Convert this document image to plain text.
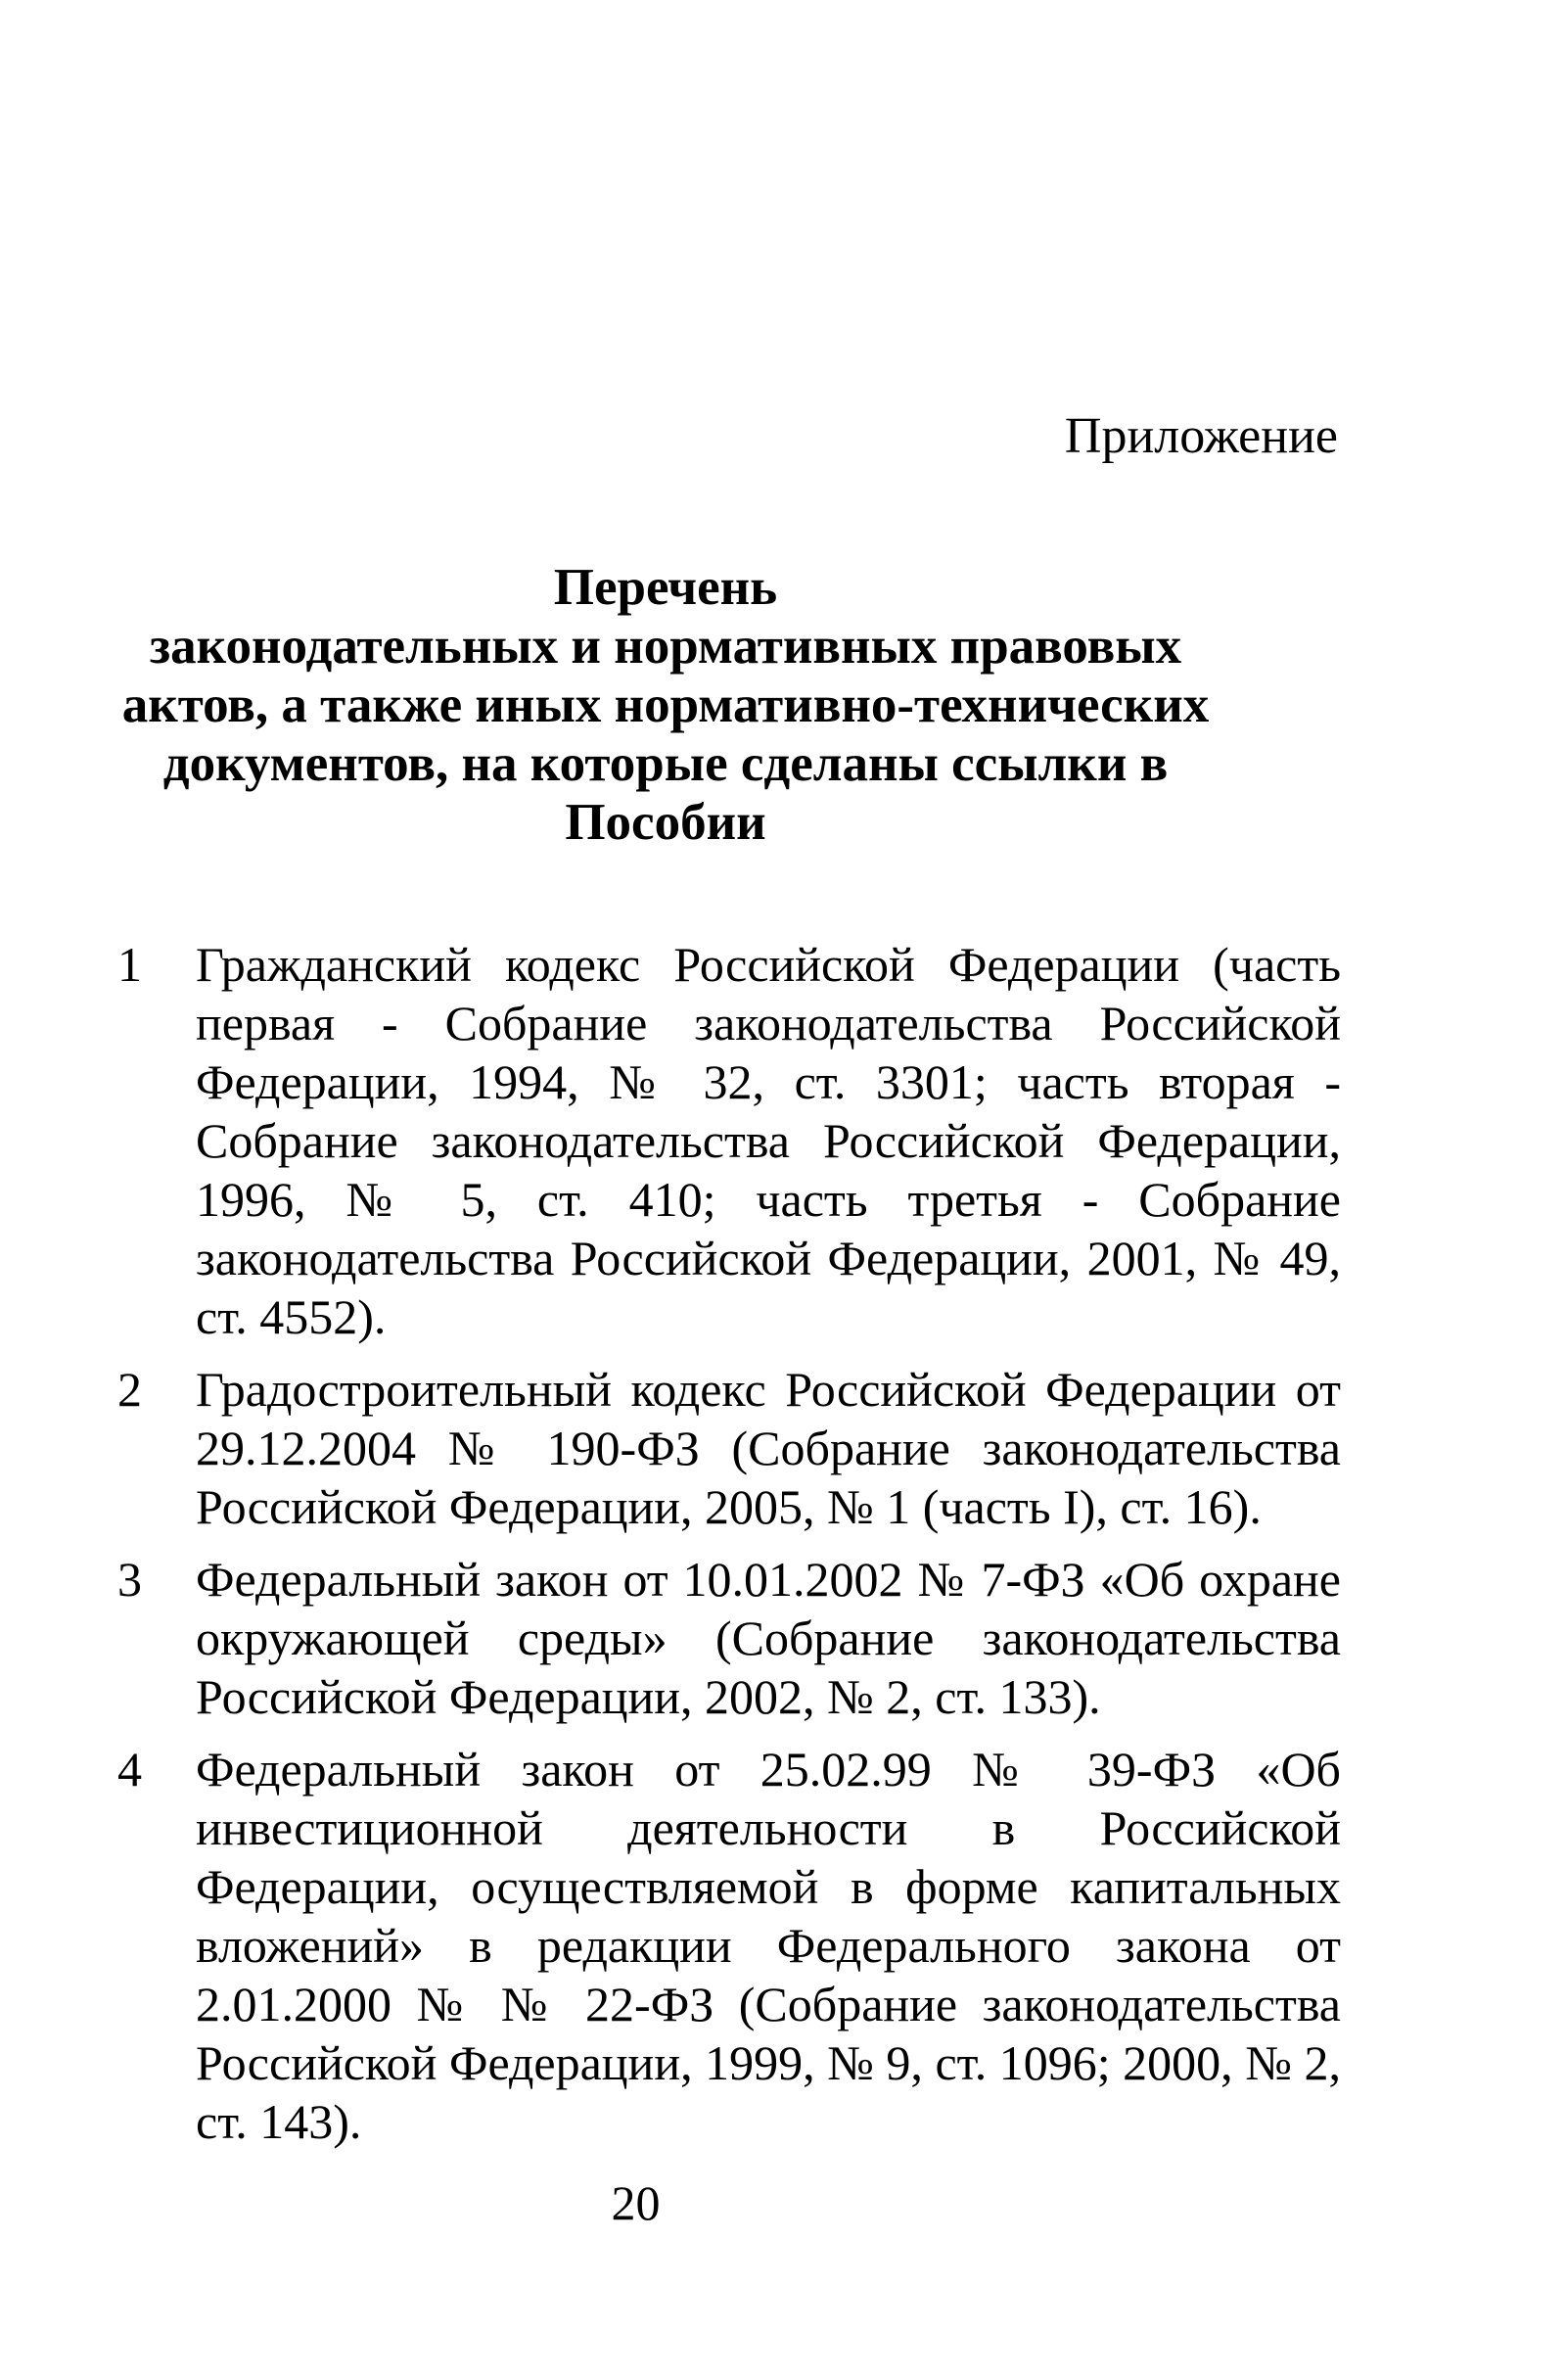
Приложение

Перечень
законодательных и нормативных правовых
актов, а также иных нормативно-технических
документов, на которые сделаны ссылки в
Пособии
1	Гражданский кодекс Российской Федерации (часть первая - Собрание законодательства Российской Федерации, 1994, № 32, ст. 3301; часть вторая - Собрание законодательства Российской Федерации, 1996, № 5, ст. 410; часть третья - Собрание законодательства Российской Федерации, 2001, № 49, ст. 4552).
2	Градостроительный кодекс Российской Федерации от 29.12.2004 № 190-ФЗ (Собрание законодательства Российской Федерации, 2005, № 1 (часть I), ст. 16).
3	Федеральный закон от 10.01.2002 № 7-ФЗ «Об охране окружающей среды» (Собрание законодательства Российской Федерации, 2002, № 2, ст. 133).
4	Федеральный закон от 25.02.99 № 39-ФЗ «Об инвестиционной деятельности в Российской Федерации, осуществляемой в форме капитальных вложений» в редакции Федерального закона от 2.01.2000 № № 22-ФЗ (Собрание законодательства Российской Федерации, 1999, № 9, ст. 1096; 2000, № 2, ст. 143).

20
